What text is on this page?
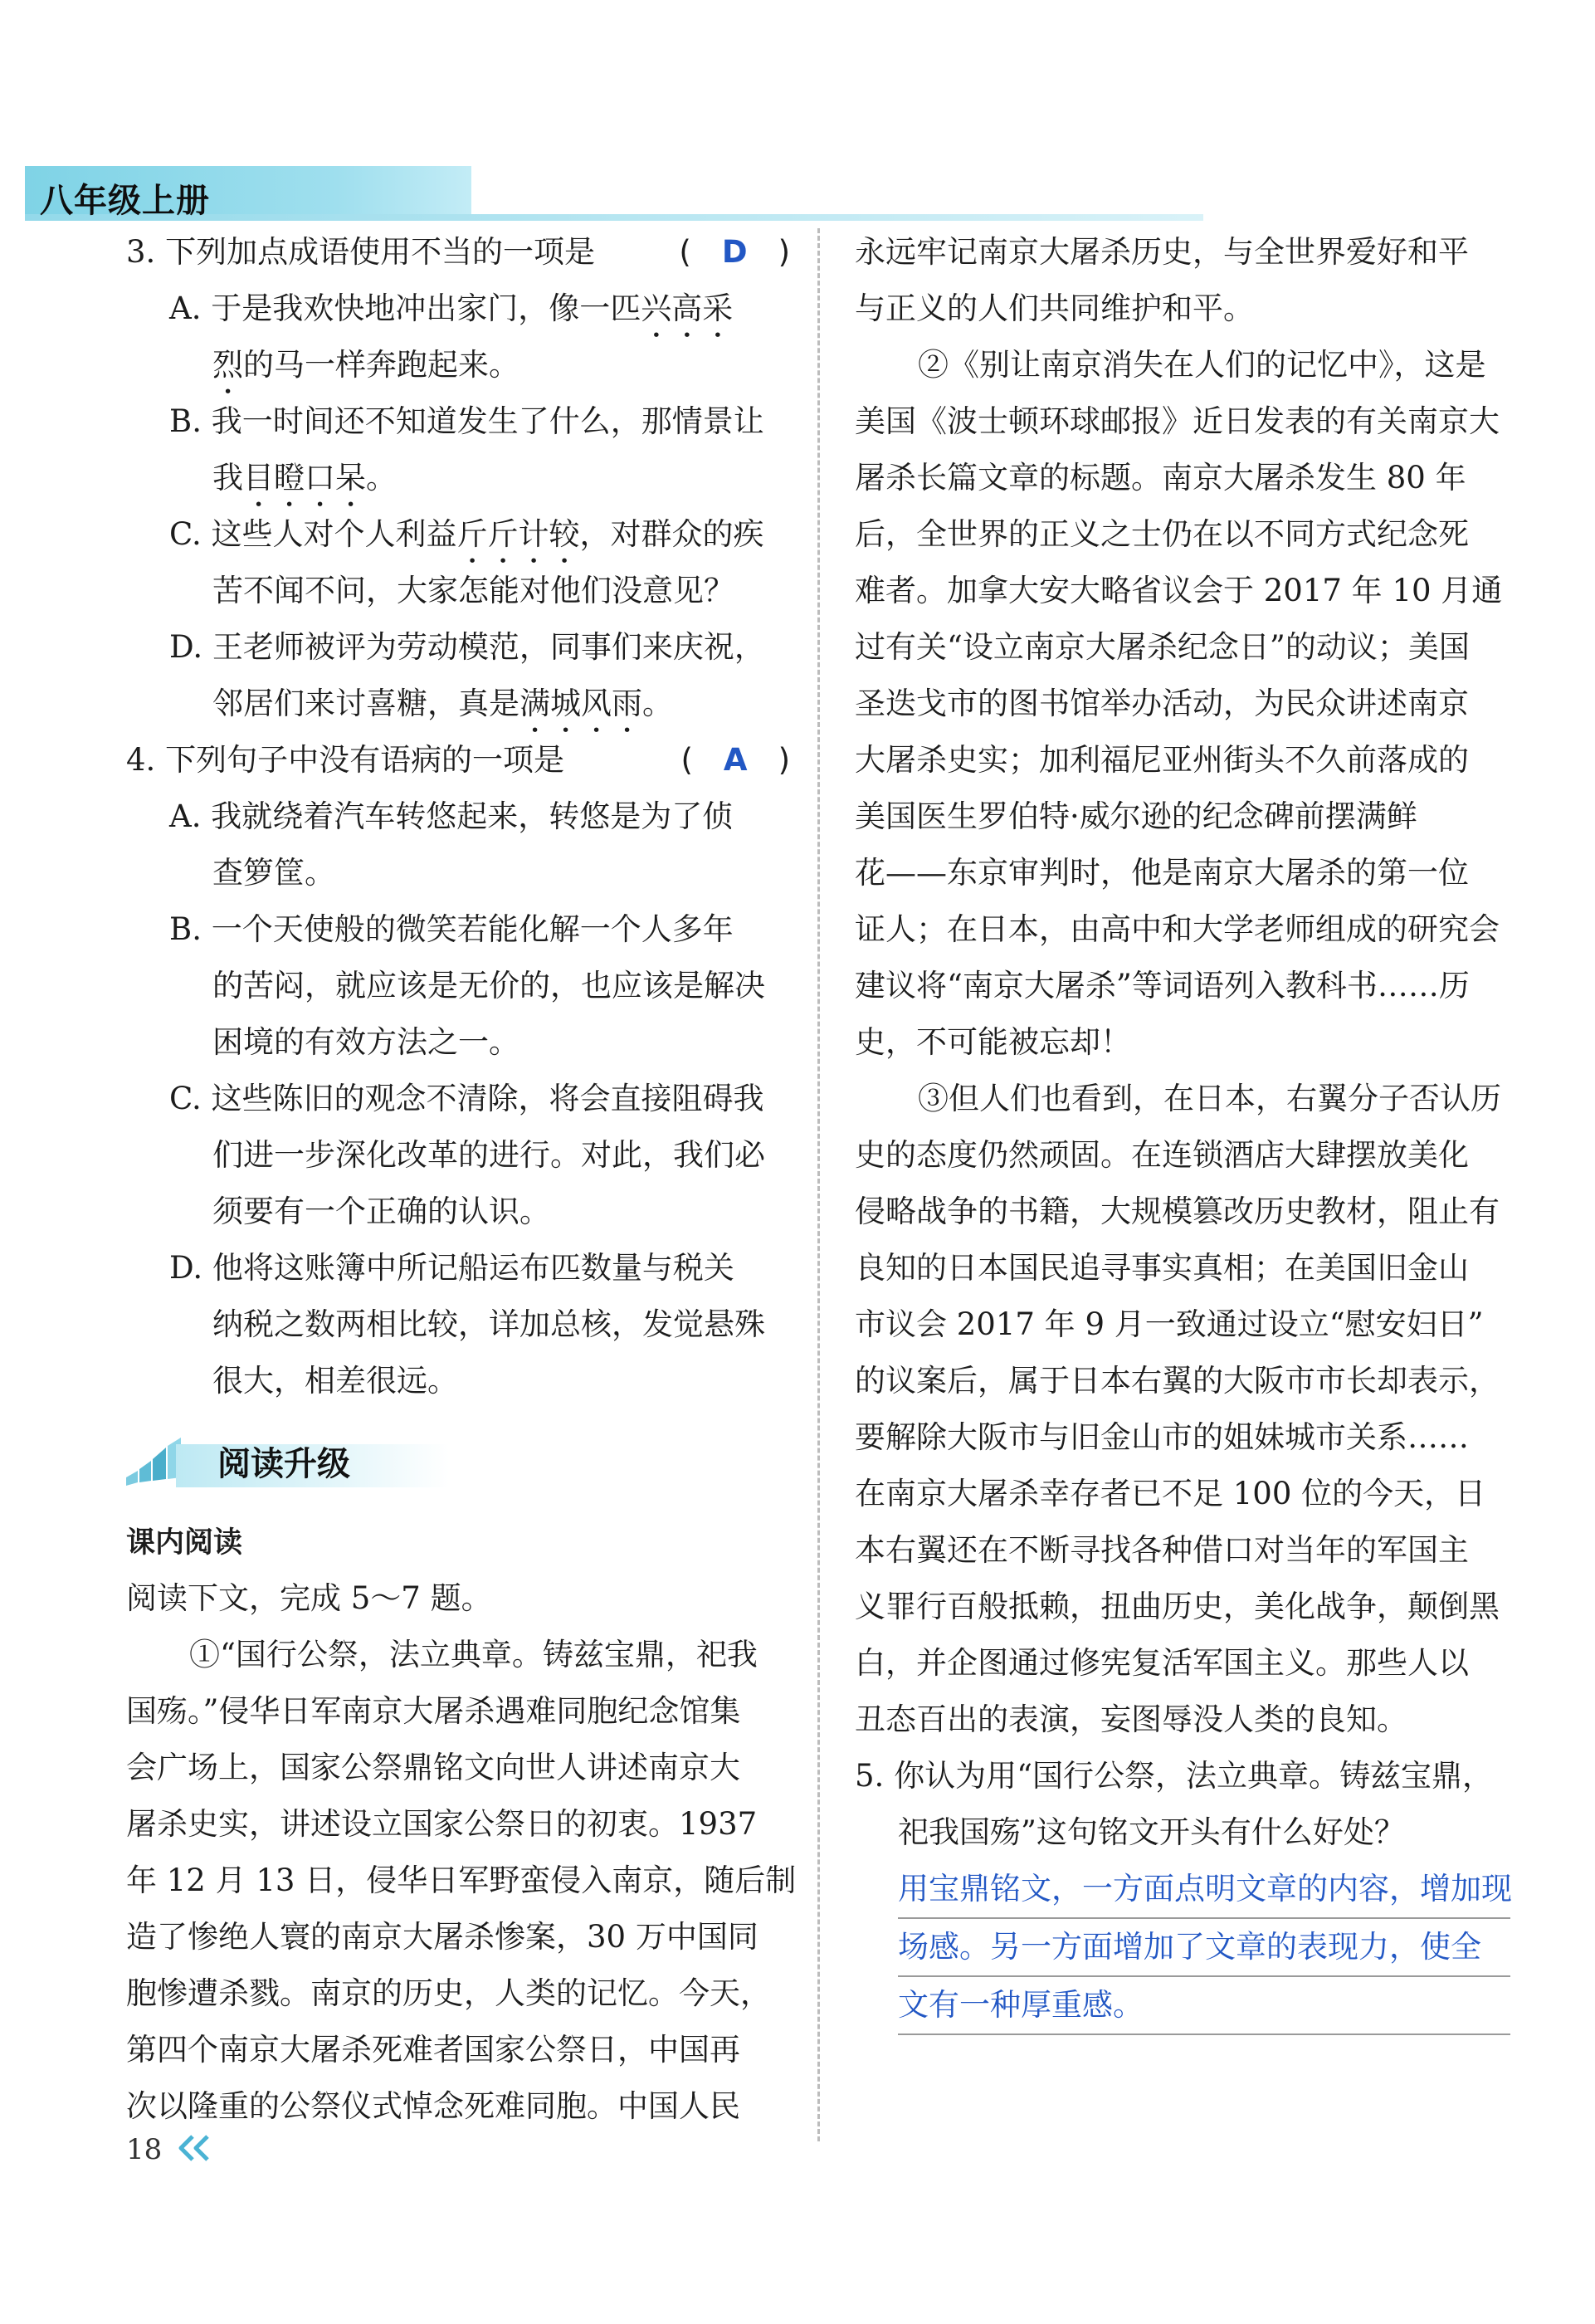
八年级上册
3. 下列加点成语使用不当的一项是	(  D  )
A. 于是我欢快地冲出家门，像一匹兴高采
烈的马一样奔跑起来。
B. 我一时间还不知道发生了什么，那情景让
我目瞪口呆。
C. 这些人对个人利益斤斤计较，对群众的疾
苦不闻不问，大家怎能对他们没意见？
D. 王老师被评为劳动模范，同事们来庆祝，
邻居们来讨喜糖，真是满城风雨。
4. 下列句子中没有语病的一项是	(  A  )
A. 我就绕着汽车转悠起来，转悠是为了侦
查箩筐。
B. 一个天使般的微笑若能化解一个人多年
的苦闷，就应该是无价的，也应该是解决
困境的有效方法之一。
C. 这些陈旧的观念不清除，将会直接阻碍我
们进一步深化改革的进行。对此，我们必
须要有一个正确的认识。
D. 他将这账簿中所记船运布匹数量与税关
纳税之数两相比较，详加总核，发觉悬殊
很大，相差很远。
阅读升级
课内阅读
阅读下文，完成 5～7 题。
①“国行公祭，法立典章。铸兹宝鼎，祀我
国殇。”侵华日军南京大屠杀遇难同胞纪念馆集
会广场上，国家公祭鼎铭文向世人讲述南京大
屠杀史实，讲述设立国家公祭日的初衷。1937
年 12 月 13 日，侵华日军野蛮侵入南京，随后制
造了惨绝人寰的南京大屠杀惨案，30 万中国同
胞惨遭杀戮。南京的历史，人类的记忆。今天，
第四个南京大屠杀死难者国家公祭日，中国再
次以隆重的公祭仪式悼念死难同胞。中国人民
永远牢记南京大屠杀历史，与全世界爱好和平
与正义的人们共同维护和平。
②《别让南京消失在人们的记忆中》，这是
美国《波士顿环球邮报》近日发表的有关南京大
屠杀长篇文章的标题。南京大屠杀发生 80 年
后，全世界的正义之士仍在以不同方式纪念死
难者。加拿大安大略省议会于 2017 年 10 月通
过有关“设立南京大屠杀纪念日”的动议；美国
圣迭戈市的图书馆举办活动，为民众讲述南京
大屠杀史实；加利福尼亚州街头不久前落成的
美国医生罗伯特·威尔逊的纪念碑前摆满鲜
花——东京审判时，他是南京大屠杀的第一位
证人；在日本，由高中和大学老师组成的研究会
建议将“南京大屠杀”等词语列入教科书……历
史，不可能被忘却！
③但人们也看到，在日本，右翼分子否认历
史的态度仍然顽固。在连锁酒店大肆摆放美化
侵略战争的书籍，大规模篡改历史教材，阻止有
良知的日本国民追寻事实真相；在美国旧金山
市议会 2017 年 9 月一致通过设立“慰安妇日”
的议案后，属于日本右翼的大阪市市长却表示，
要解除大阪市与旧金山市的姐妹城市关系……
在南京大屠杀幸存者已不足 100 位的今天，日
本右翼还在不断寻找各种借口对当年的军国主
义罪行百般抵赖，扭曲历史，美化战争，颠倒黑
白，并企图通过修宪复活军国主义。那些人以
丑态百出的表演，妄图辱没人类的良知。
5. 你认为用“国行公祭，法立典章。铸兹宝鼎，
祀我国殇”这句铭文开头有什么好处？
用宝鼎铭文，一方面点明文章的内容，增加现
场感。另一方面增加了文章的表现力，使全
文有一种厚重感。
18
